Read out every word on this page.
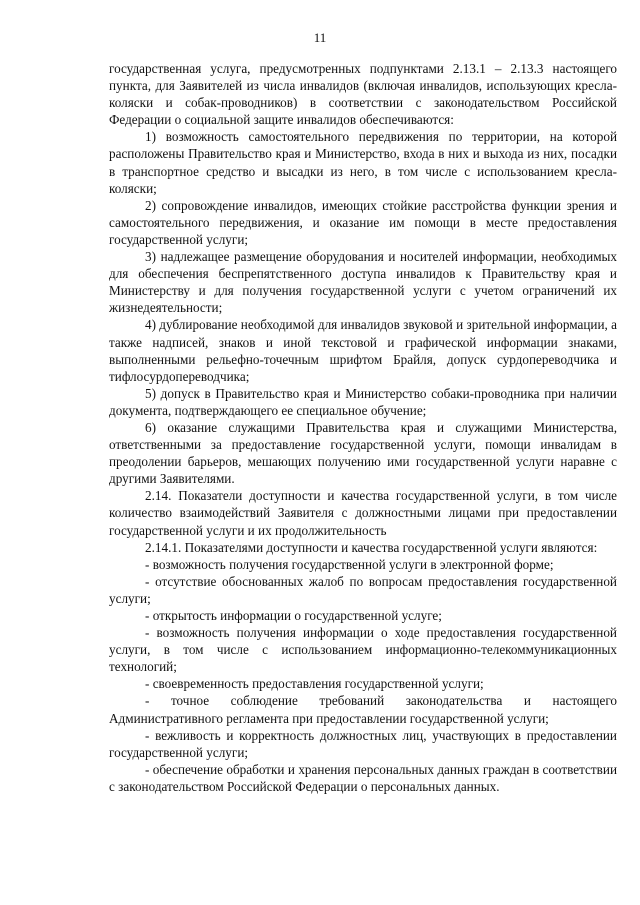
11

государственная услуга, предусмотренных подпунктами 2.13.1 – 2.13.3 настоящего пункта, для Заявителей из числа инвалидов (включая инвалидов, использующих кресла-коляски и собак-проводников) в соответствии с законодательством Российской Федерации о социальной защите инвалидов обеспечиваются:

1) возможность самостоятельного передвижения по территории, на которой расположены Правительство края и Министерство, входа в них и выхода из них, посадки в транспортное средство и высадки из него, в том числе с использованием кресла-коляски;

2) сопровождение инвалидов, имеющих стойкие расстройства функции зрения и самостоятельного передвижения, и оказание им помощи в месте предоставления государственной услуги;

3) надлежащее размещение оборудования и носителей информации, необходимых для обеспечения беспрепятственного доступа инвалидов к Правительству края и Министерству и для получения государственной услуги с учетом ограничений их жизнедеятельности;

4) дублирование необходимой для инвалидов звуковой и зрительной информации, а также надписей, знаков и иной текстовой и графической информации знаками, выполненными рельефно-точечным шрифтом Брайля, допуск сурдопереводчика и тифлосурдопереводчика;

5) допуск в Правительство края и Министерство собаки-проводника при наличии документа, подтверждающего ее специальное обучение;

6) оказание служащими Правительства края и служащими Министерства, ответственными за предоставление государственной услуги, помощи инвалидам в преодолении барьеров, мешающих получению ими государственной услуги наравне с другими Заявителями.

2.14. Показатели доступности и качества государственной услуги, в том числе количество взаимодействий Заявителя с должностными лицами при предоставлении государственной услуги и их продолжительность

2.14.1. Показателями доступности и качества государственной услуги являются:

- возможность получения государственной услуги в электронной форме;

- отсутствие обоснованных жалоб по вопросам предоставления государственной услуги;

- открытость информации о государственной услуге;

- возможность получения информации о ходе предоставления государственной услуги, в том числе с использованием информационно-телекоммуникационных технологий;

- своевременность предоставления государственной услуги;

- точное соблюдение требований законодательства и настоящего Административного регламента при предоставлении государственной услуги;

- вежливость и корректность должностных лиц, участвующих в предоставлении государственной услуги;

- обеспечение обработки и хранения персональных данных граждан в соответствии с законодательством Российской Федерации о персональных данных.
